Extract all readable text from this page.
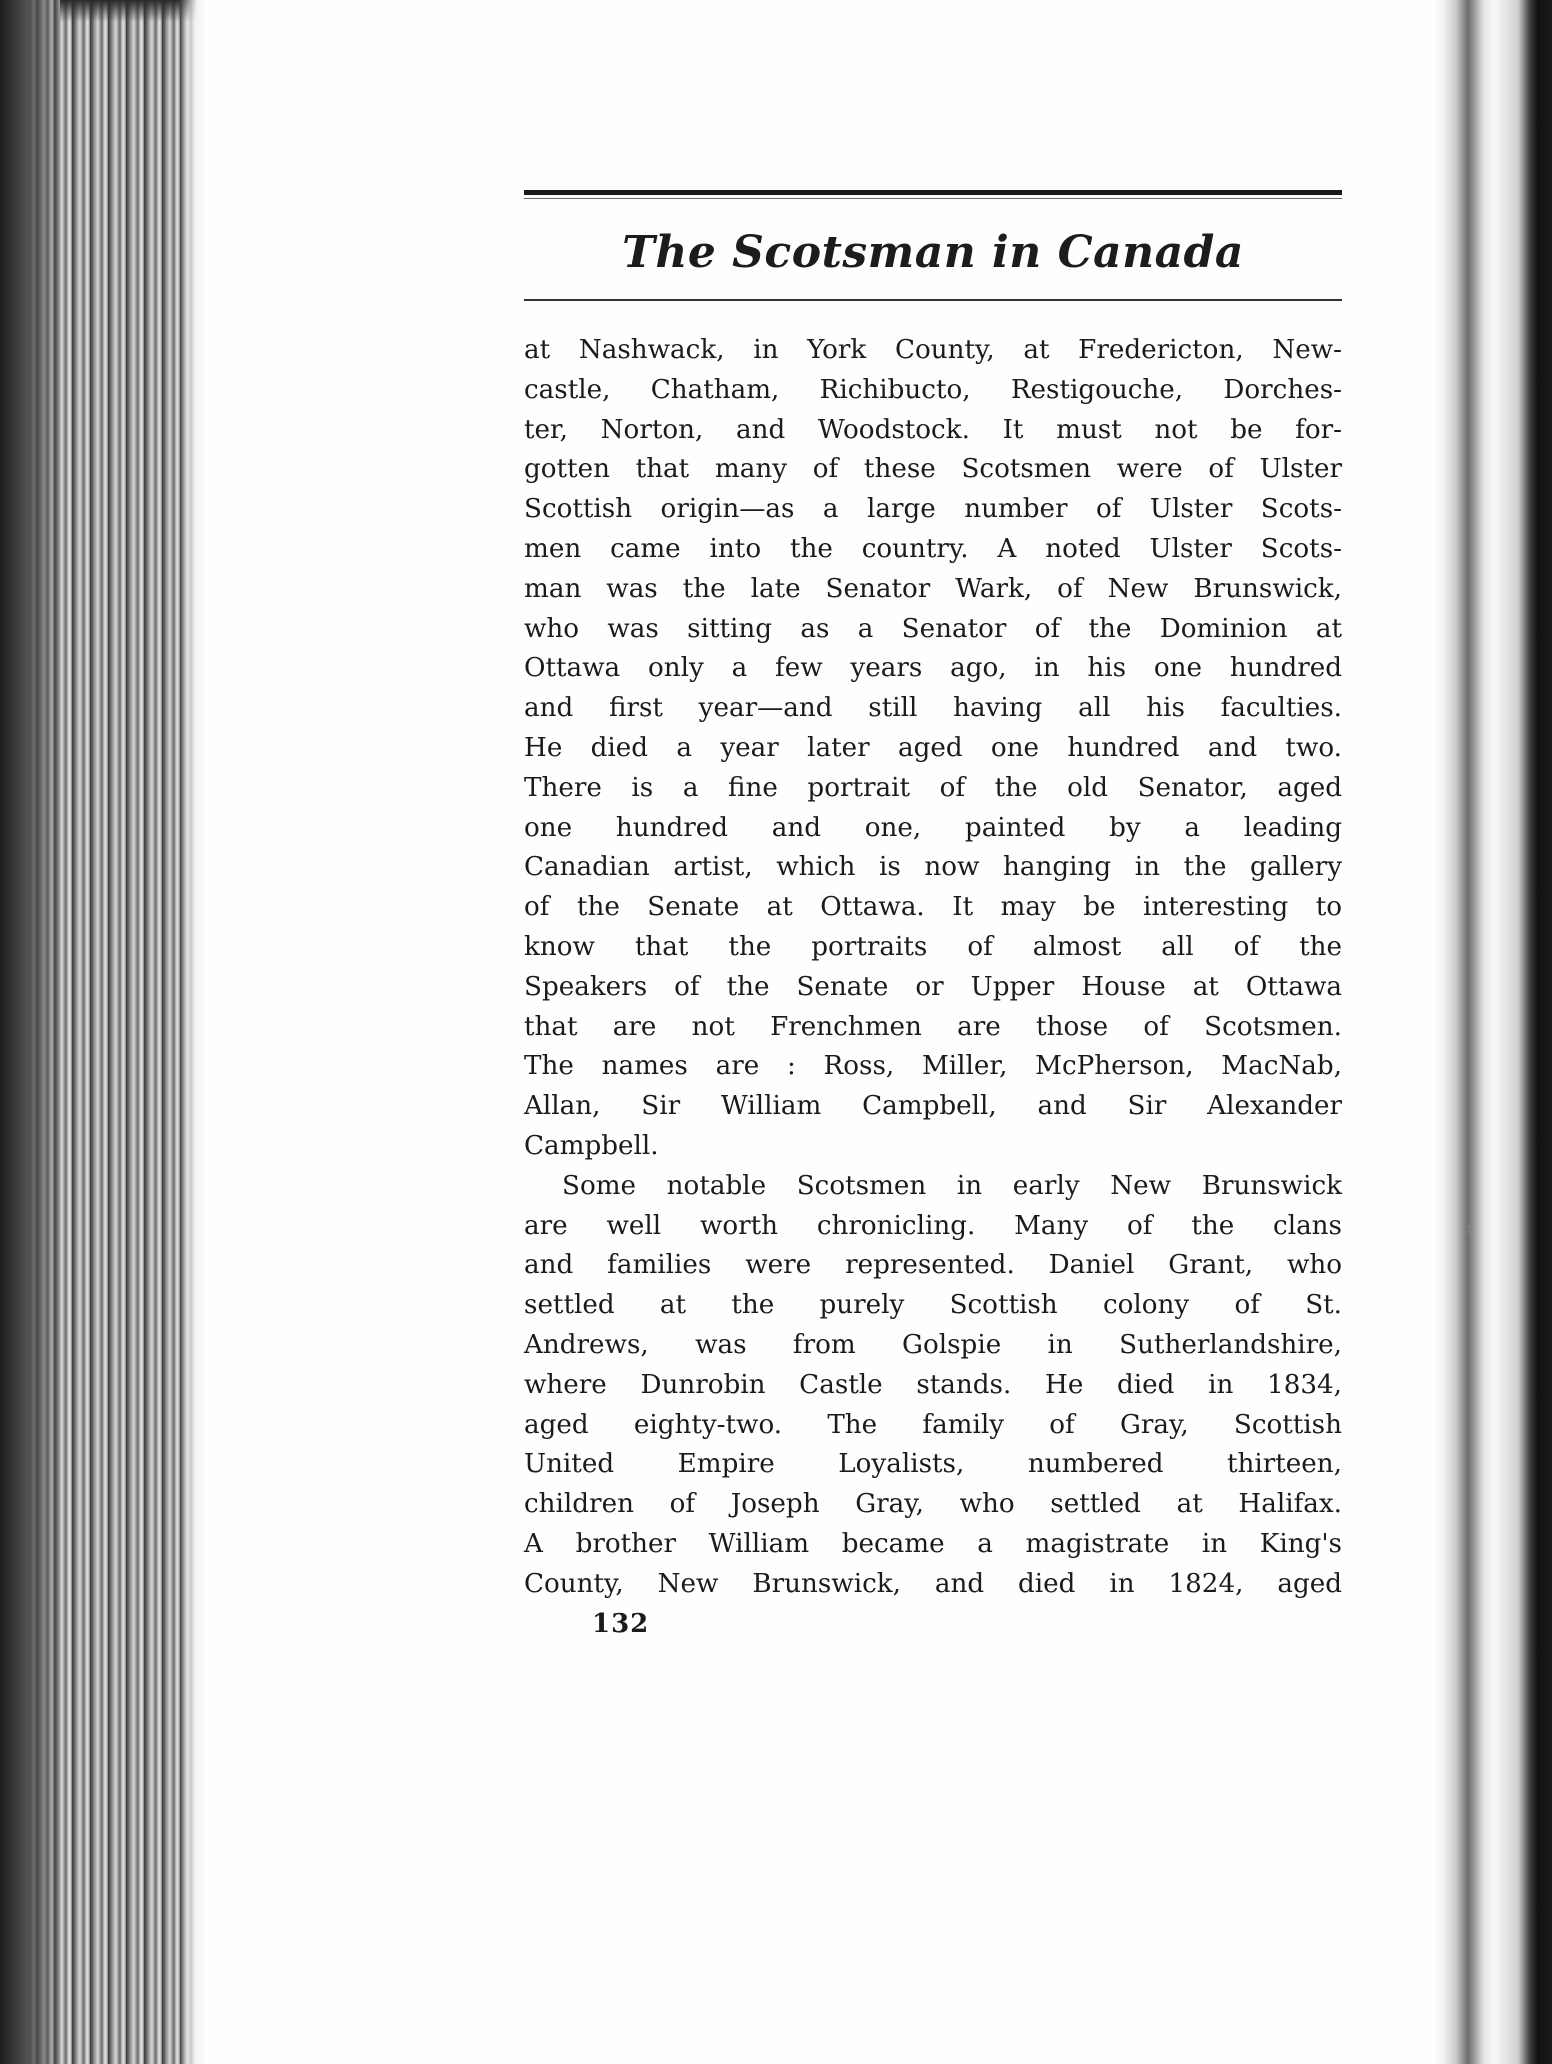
⸶
The Scotsman in Canada
at Nashwack, in York County, at Fredericton, New-
castle, Chatham, Richibucto, Restigouche, Dorches-
ter, Norton, and Woodstock. It must not be for-
gotten that many of these Scotsmen were of Ulster
Scottish origin—as a large number of Ulster Scots-
men came into the country. A noted Ulster Scots-
man was the late Senator Wark, of New Brunswick,
who was sitting as a Senator of the Dominion at
Ottawa only a few years ago, in his one hundred
and first year—and still having all his faculties.
He died a year later aged one hundred and two.
There is a fine portrait of the old Senator, aged
one hundred and one, painted by a leading
Canadian artist, which is now hanging in the gallery
of the Senate at Ottawa. It may be interesting to
know that the portraits of almost all of the
Speakers of the Senate or Upper House at Ottawa
that are not Frenchmen are those of Scotsmen.
The names are : Ross, Miller, McPherson, MacNab,
Allan, Sir William Campbell, and Sir Alexander
Campbell.
Some notable Scotsmen in early New Brunswick
are well worth chronicling. Many of the clans
and families were represented. Daniel Grant, who
settled at the purely Scottish colony of St.
Andrews, was from Golspie in Sutherlandshire,
where Dunrobin Castle stands. He died in 1834,
aged eighty-two. The family of Gray, Scottish
United Empire Loyalists, numbered thirteen,
children of Joseph Gray, who settled at Halifax.
A brother William became a magistrate in King's
County, New Brunswick, and died in 1824, aged
132
